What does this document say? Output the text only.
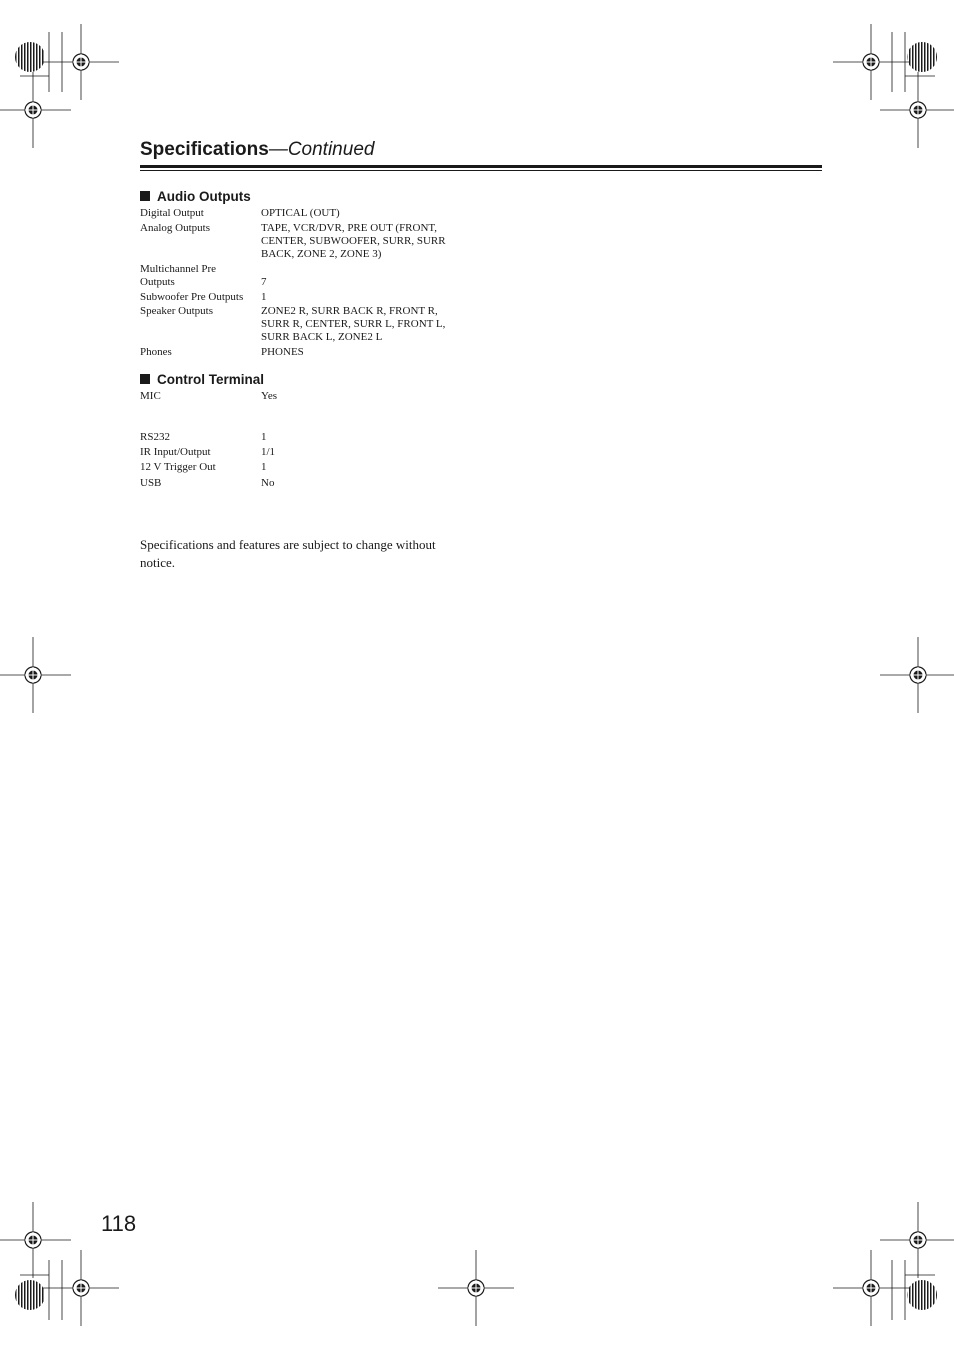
Specifications—Continued
Audio Outputs
Digital Output	OPTICAL (OUT)
Analog Outputs	TAPE, VCR/DVR, PRE OUT (FRONT, CENTER, SUBWOOFER, SURR, SURR BACK, ZONE 2, ZONE 3)
Multichannel Pre Outputs	7
Subwoofer Pre Outputs	1
Speaker Outputs	ZONE2 R, SURR BACK R, FRONT R, SURR R, CENTER, SURR L, FRONT L, SURR BACK L, ZONE2 L
Phones	PHONES
Control Terminal
MIC	Yes
RS232	1
IR Input/Output	1/1
12 V Trigger Out	1
USB	No
Specifications and features are subject to change without notice.
118
